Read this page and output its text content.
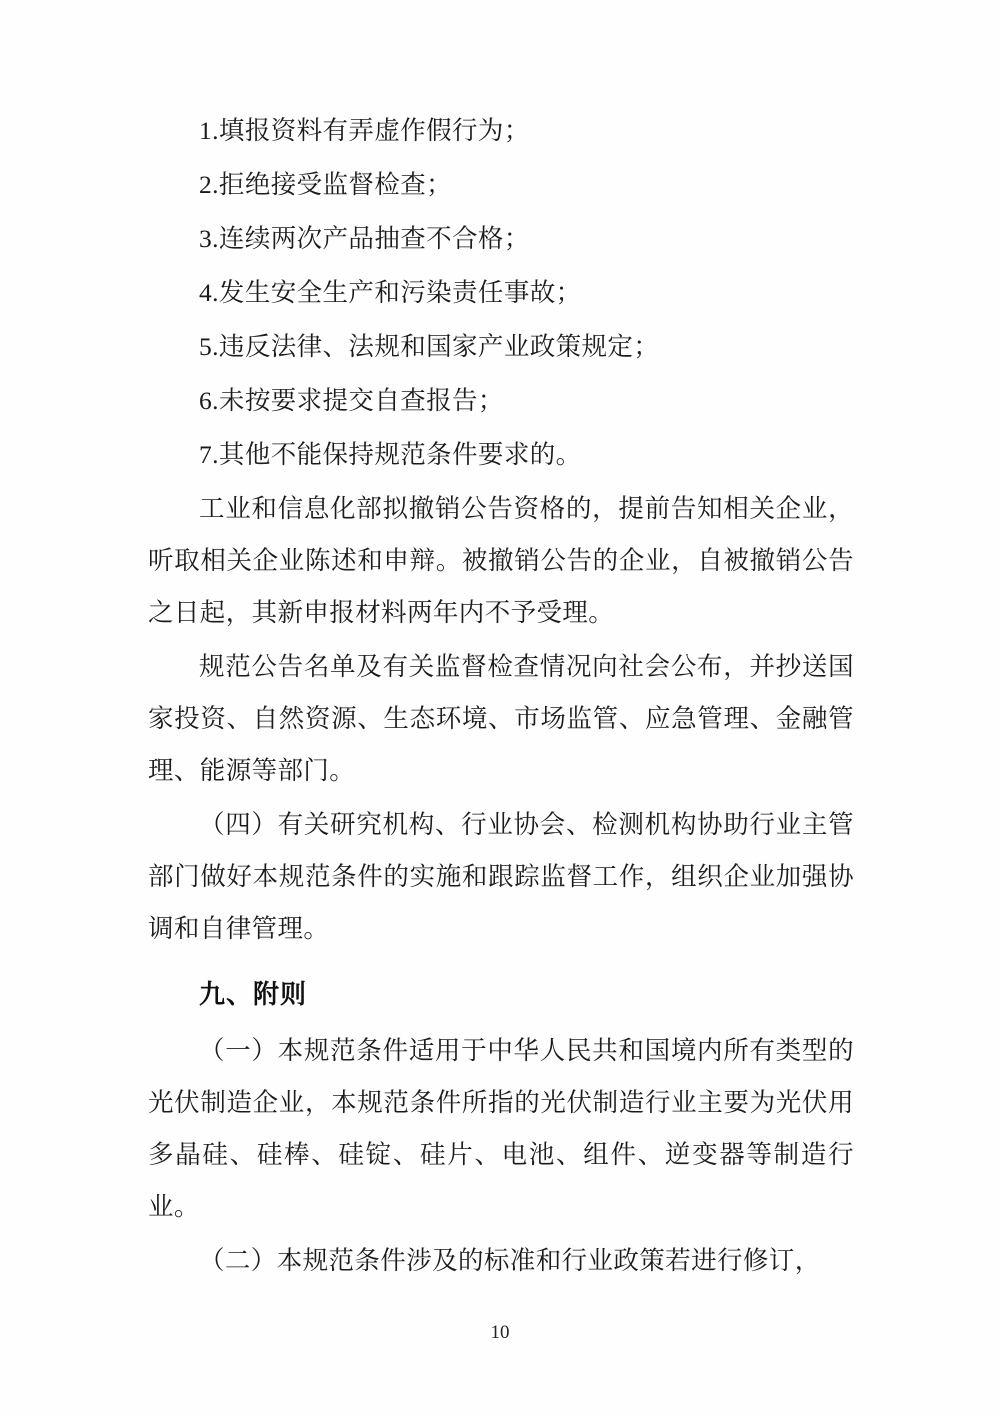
1.填报资料有弄虚作假行为；

2.拒绝接受监督检查；

3.连续两次产品抽查不合格；

4.发生安全生产和污染责任事故；

5.违反法律、法规和国家产业政策规定；

6.未按要求提交自查报告；

7.其他不能保持规范条件要求的。

工业和信息化部拟撤销公告资格的，提前告知相关企业，听取相关企业陈述和申辩。被撤销公告的企业，自被撤销公告之日起，其新申报材料两年内不予受理。

规范公告名单及有关监督检查情况向社会公布，并抄送国家投资、自然资源、生态环境、市场监管、应急管理、金融管理、能源等部门。

（四）有关研究机构、行业协会、检测机构协助行业主管部门做好本规范条件的实施和跟踪监督工作，组织企业加强协调和自律管理。

九、附则

（一）本规范条件适用于中华人民共和国境内所有类型的光伏制造企业，本规范条件所指的光伏制造行业主要为光伏用多晶硅、硅棒、硅锭、硅片、电池、组件、逆变器等制造行业。

（二）本规范条件涉及的标准和行业政策若进行修订，

10
